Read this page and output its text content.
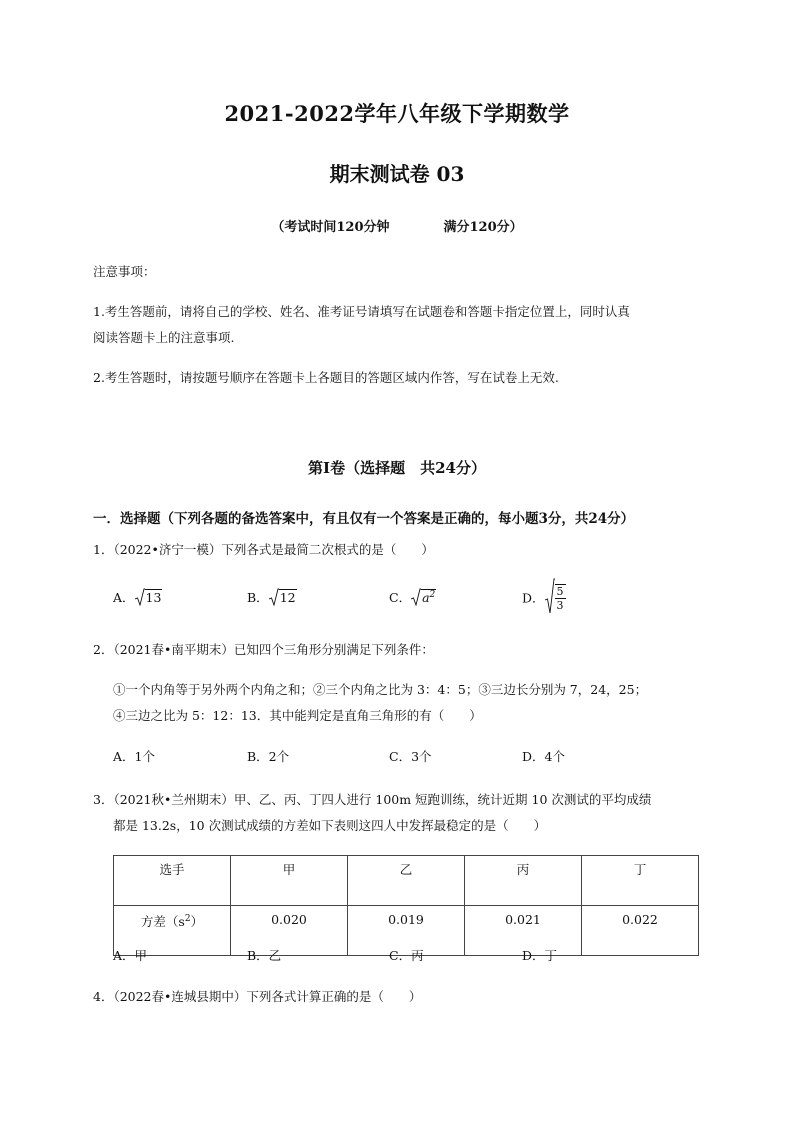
2021-2022学年八年级下学期数学
期末测试卷 03
（考试时间120分钟	满分120分）
注意事项：
1.考生答题前，请将自己的学校、姓名、准考证号请填写在试题卷和答题卡指定位置上，同时认真
阅读答题卡上的注意事项.
2.考生答题时，请按题号顺序在答题卡上各题目的答题区域内作答，写在试卷上无效.
第Ⅰ卷（选择题　共24分）
一．选择题（下列各题的备选答案中，有且仅有一个答案是正确的，每小题3分，共24分）
1．（2022•济宁一模）下列各式是最简二次根式的是（　　）
A． 13	B． 12	C． $a^2$	D． $\frac{5}{3}$
2．（2021春•南平期末）已知四个三角形分别满足下列条件：
①一个内角等于另外两个内角之和；②三个内角之比为 3：4：5；③三边长分别为 7，24，25；
④三边之比为 5：12：13．其中能判定是直角三角形的有（　　）
A．1个	B．2个	C．3个	D．4个
3．（2021秋•兰州期末）甲、乙、丙、丁四人进行 100m 短跑训练，统计近期 10 次测试的平均成绩
都是 13.2s，10 次测试成绩的方差如下表则这四人中发挥最稳定的是（　　）
选手	甲	乙	丙	丁
方差$(s^2)$	0.020	0.019	0.021	0.022
A．甲	B．乙	C．丙	D．丁
4．（2022春•连城县期中）下列各式计算正确的是（　　）
